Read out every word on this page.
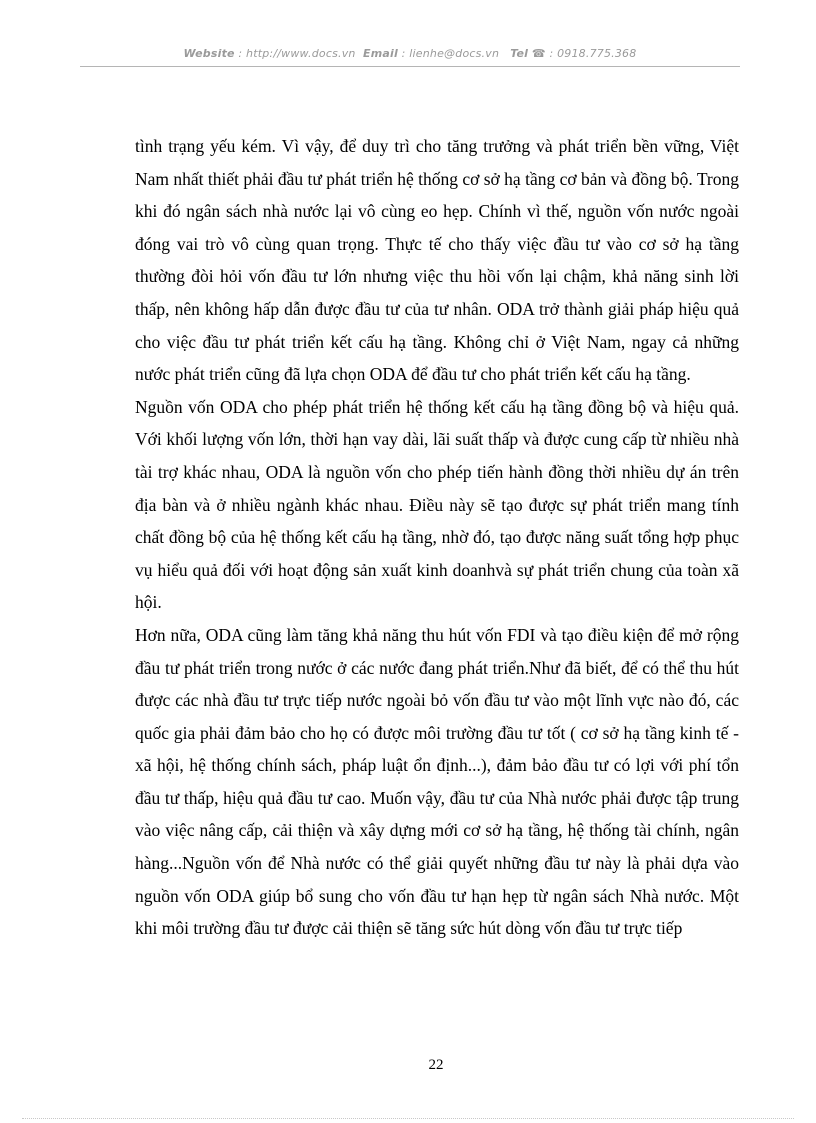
Website : http://www.docs.vn Email : lienhe@docs.vn Tel ☎ : 0918.775.368

tình trạng yếu kém. Vì vậy, để duy trì cho tăng trưởng và phát triển bền vững, Việt Nam nhất thiết phải đầu tư phát triển hệ thống cơ sở hạ tầng cơ bản và đồng bộ. Trong khi đó ngân sách nhà nước lại vô cùng eo hẹp. Chính vì thế, nguồn vốn nước ngoài đóng vai trò vô cùng quan trọng. Thực tế cho thấy việc đầu tư vào cơ sở hạ tầng thường đòi hỏi vốn đầu tư lớn nhưng việc thu hồi vốn lại chậm, khả năng sinh lời thấp, nên không hấp dẫn được đầu tư của tư nhân. ODA trở thành giải pháp hiệu quả cho việc đầu tư phát triển kết cấu hạ tầng. Không chỉ ở Việt Nam, ngay cả những nước phát triển cũng đã lựa chọn ODA để đầu tư cho phát triển kết cấu hạ tầng.

Nguồn vốn ODA cho phép phát triển hệ thống kết cấu hạ tầng đồng bộ và hiệu quả. Với khối lượng vốn lớn, thời hạn vay dài, lãi suất thấp và được cung cấp từ nhiều nhà tài trợ khác nhau, ODA là nguồn vốn cho phép tiến hành đồng thời nhiều dự án trên địa bàn và ở nhiều ngành khác nhau. Điều này sẽ tạo được sự phát triển mang tính chất đồng bộ của hệ thống kết cấu hạ tầng, nhờ đó, tạo được năng suất tổng hợp phục vụ hiểu quả đối với hoạt động sản xuất kinh doanhvà sự phát triển chung của toàn xã hội.

Hơn nữa, ODA cũng làm tăng khả năng thu hút vốn FDI và tạo điều kiện để mở rộng đầu tư phát triển trong nước ở các nước đang phát triển.Như đã biết, để có thể thu hút được các nhà đầu tư trực tiếp nước ngoài bỏ vốn đầu tư vào một lĩnh vực nào đó, các quốc gia phải đảm bảo cho họ có được môi trường đầu tư tốt ( cơ sở hạ tầng kinh tế - xã hội, hệ thống chính sách, pháp luật ổn định...), đảm bảo đầu tư có lợi với phí tổn đầu tư thấp, hiệu quả đầu tư cao. Muốn vậy, đầu tư của Nhà nước phải được tập trung vào việc nâng cấp, cải thiện và xây dựng mới cơ sở hạ tầng, hệ thống tài chính, ngân hàng...Nguồn vốn để Nhà nước có thể giải quyết những đầu tư này là phải dựa vào nguồn vốn ODA giúp bổ sung cho vốn đầu tư hạn hẹp từ ngân sách Nhà nước. Một khi môi trường đầu tư được cải thiện sẽ tăng sức hút dòng vốn đầu tư trực tiếp

22
